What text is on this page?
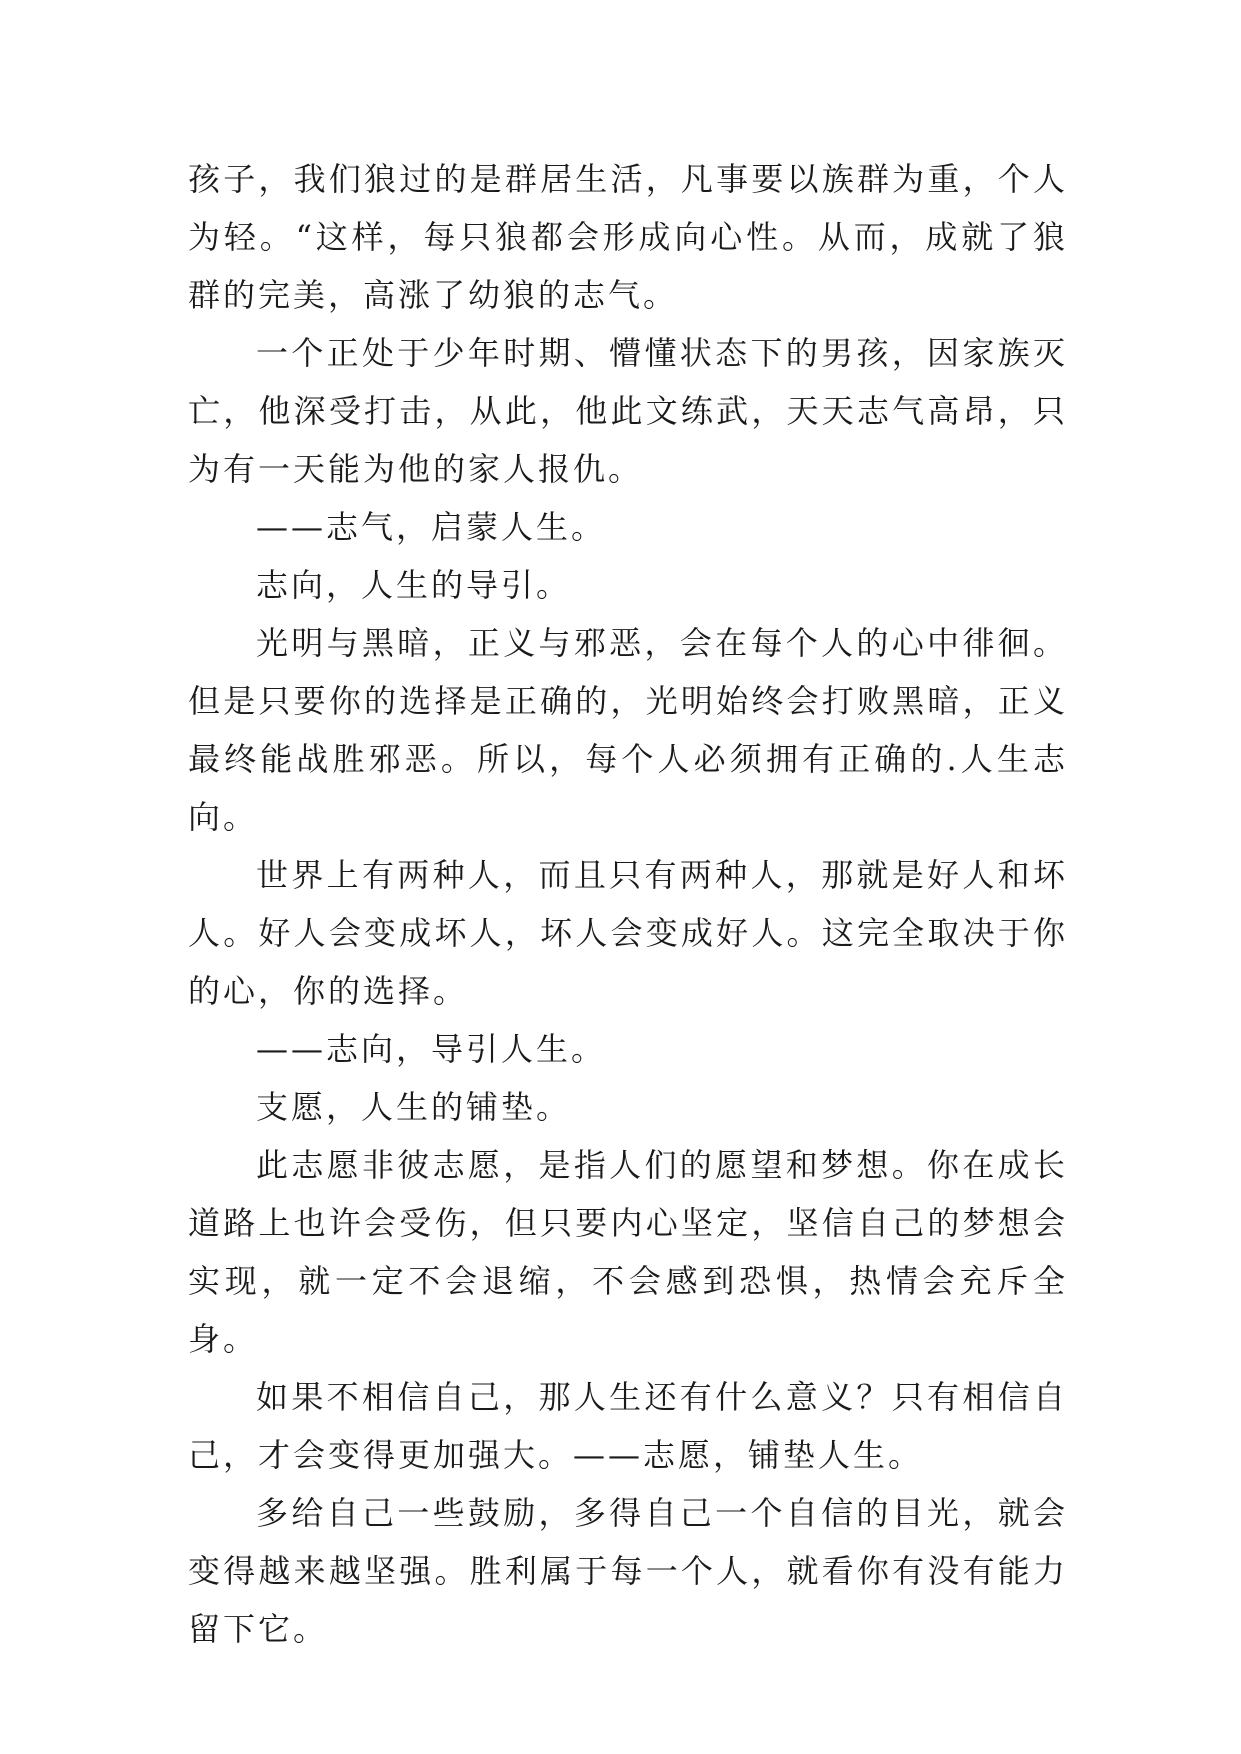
孩子，我们狼过的是群居生活，凡事要以族群为重，个人为轻。“这样，每只狼都会形成向心性。从而，成就了狼群的完美，高涨了幼狼的志气。

一个正处于少年时期、懵懂状态下的男孩，因家族灭亡，他深受打击，从此，他此文练武，天天志气高昂，只为有一天能为他的家人报仇。

——志气，启蒙人生。

志向，人生的导引。

光明与黑暗，正义与邪恶，会在每个人的心中徘徊。但是只要你的选择是正确的，光明始终会打败黑暗，正义最终能战胜邪恶。所以，每个人必须拥有正确的.人生志向。

世界上有两种人，而且只有两种人，那就是好人和坏人。好人会变成坏人，坏人会变成好人。这完全取决于你的心，你的选择。

——志向，导引人生。

支愿，人生的铺垫。

此志愿非彼志愿，是指人们的愿望和梦想。你在成长道路上也许会受伤，但只要内心坚定，坚信自己的梦想会实现，就一定不会退缩，不会感到恐惧，热情会充斥全身。

如果不相信自己，那人生还有什么意义？只有相信自己，才会变得更加强大。——志愿，铺垫人生。

多给自己一些鼓励，多得自己一个自信的目光，就会变得越来越坚强。胜利属于每一个人，就看你有没有能力留下它。
